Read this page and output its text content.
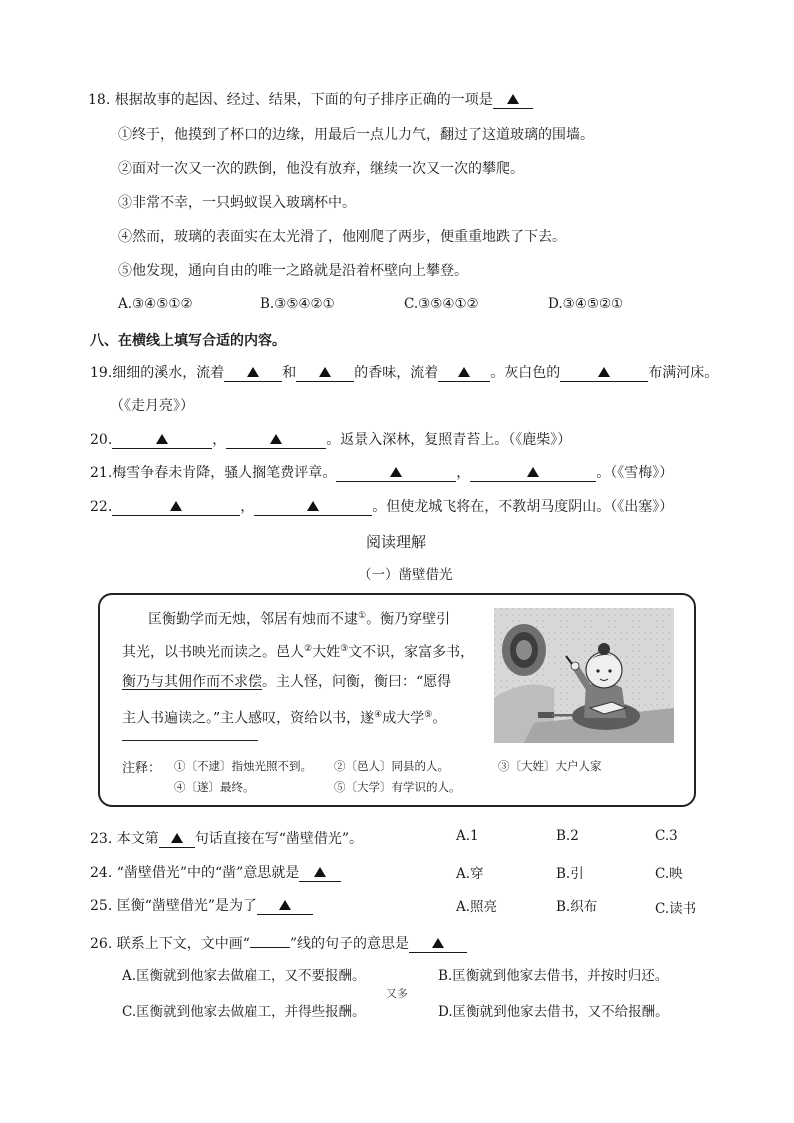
18. 根据故事的起因、经过、结果，下面的句子排序正确的一项是
①终于，他摸到了杯口的边缘，用最后一点儿力气，翻过了这道玻璃的围墙。
②面对一次又一次的跌倒，他没有放弃，继续一次又一次的攀爬。
③非常不幸，一只蚂蚁误入玻璃杯中。
④然而，玻璃的表面实在太光滑了，他刚爬了两步，便重重地跌了下去。
⑤他发现，通向自由的唯一之路就是沿着杯壁向上攀登。
A.③④⑤①②	B.③⑤④②①	C.③⑤④①②	D.③④⑤②①
八、在横线上填写合适的内容。
19.细细的溪水，流着	和	的香味，流着	。灰白色的	布满河床。
（《走月亮》）
20.	，	。返景入深林，复照青苔上。（《鹿柴》）
21.梅雪争春未肯降，骚人搁笔费评章。	，	。（《雪梅》）
22.	，	。但使龙城飞将在，不教胡马度阴山。（《出塞》）
阅读理解
（一）凿壁借光
匡衡勤学而无烛，邻居有烛而不逮①。衡乃穿壁引
其光，以书映光而读之。邑人②大姓③文不识，家富多书，
衡乃与其佣作而不求偿。主人怪，问衡，衡曰：“愿得
主人书遍读之。”主人感叹，资给以书，遂④成大学⑤。
注释： ①〔不逮〕指烛光照不到。 ②〔邑人〕同县的人。	③〔大姓〕大户人家
④〔遂〕最终。	⑤〔大学〕有学识的人。
23. 本文第	句话直接在写“凿壁借光”。	A.1	B.2	C.3
24. “凿壁借光”中的“凿”意思就是	A.穿	B.引	C.映
25. 匡衡“凿壁借光”是为了	A.照亮	B.织布	C.读书
26. 联系上下文，文中画“	”线的句子的意思是
A.匡衡就到他家去做雇工，又不要报酬。	B.匡衡就到他家去借书，并按时归还。
C.匡衡就到他家去做雇工，并得些报酬。
又多
D.匡衡就到他家去借书，又不给报酬。
